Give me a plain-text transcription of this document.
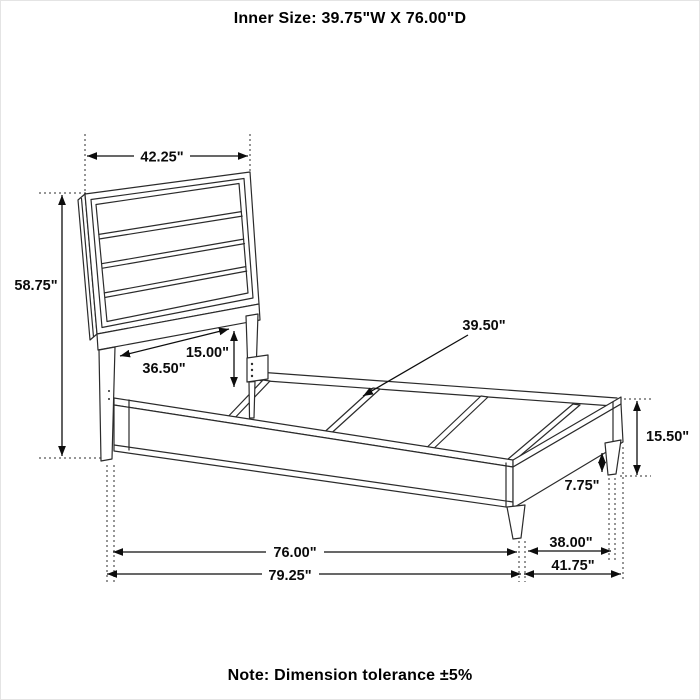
Inner Size: 39.75"W X 76.00"D
42.25"
58.75"
36.50"
15.00"
39.50"
15.50"
7.75"
76.00"
38.00"
79.25"
41.75"
Note: Dimension tolerance ±5%
